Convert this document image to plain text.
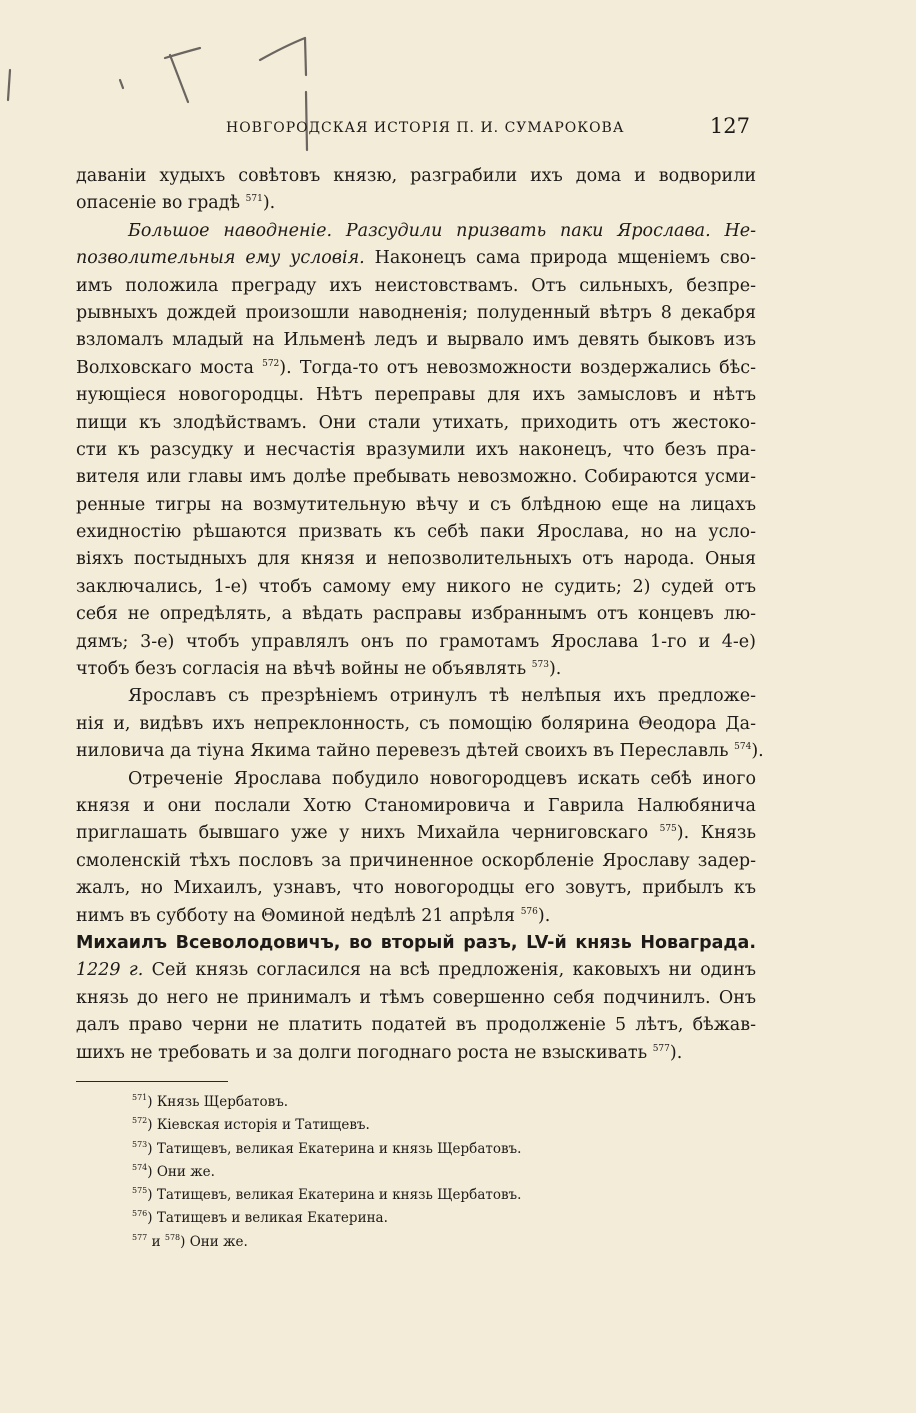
НОВГОРОДСКАЯ ИСТОРІЯ П. И. СУМАРОКОВА	127
даваніи худыхъ совѣтовъ князю, разграбили ихъ дома и водворили
опасеніе во градѣ $^{571}$).
Большое наводненіе. Разсудили призвать паки Ярослава. Не-
позволительныя ему условія. Наконецъ сама природа мщеніемъ сво-
имъ положила преграду ихъ неистовствамъ. Отъ сильныхъ, безпре-
рывныхъ дождей произошли наводненія; полуденный вѣтръ 8 декабря
взломалъ младый на Ильменѣ ледъ и вырвало имъ девять быковъ изъ
Волховскаго моста $^{572}$). Тогда-то отъ невозможности воздержались бѣс-
нующіеся новогородцы. Нѣтъ переправы для ихъ замысловъ и нѣтъ
пищи къ злодѣйствамъ. Они стали утихать, приходить отъ жестоко-
сти къ разсудку и несчастія вразумили ихъ наконецъ, что безъ пра-
вителя или главы имъ долѣе пребывать невозможно. Собираются усми-
ренные тигры на возмутительную вѣчу и съ блѣдною еще на лицахъ
ехидностію рѣшаются призвать къ себѣ паки Ярослава, но на усло-
віяхъ постыдныхъ для князя и непозволительныхъ отъ народа. Оныя
заключались, 1-е) чтобъ самому ему никого не судить; 2) судей отъ
себя не опредѣлять, а вѣдать расправы избраннымъ отъ концевъ лю-
дямъ; 3-е) чтобъ управлялъ онъ по грамотамъ Ярослава 1-го и 4-е)
чтобъ безъ согласія на вѣчѣ войны не объявлять $^{573}$).
Ярославъ съ презрѣніемъ отринулъ тѣ нелѣпыя ихъ предложе-
нія и, видѣвъ ихъ непреклонность, съ помощію болярина Θеодора Да-
ниловича да тіуна Якима тайно перевезъ дѣтей своихъ въ Переславль $^{574}$).
Отреченіе Ярослава побудило новогородцевъ искать себѣ иного
князя и они послали Хотю Станомировича и Гаврила Налюбянича
приглашать бывшаго уже у нихъ Михайла черниговскаго $^{575}$). Князь
смоленскій тѣхъ пословъ за причиненное оскорбленіе Ярославу задер-
жалъ, но Михаилъ, узнавъ, что новогородцы его зовутъ, прибылъ къ
нимъ въ субботу на Θоминой недѣлѣ 21 апрѣля $^{576}$).
Михаилъ Всеволодовичъ, во вторый разъ, LV-й князь Новаграда.
1229 г. Сей князь согласился на всѣ предложенія, каковыхъ ни одинъ
князь до него не принималъ и тѣмъ совершенно себя подчинилъ. Онъ
далъ право черни не платить податей въ продолженіе 5 лѣтъ, бѣжав-
шихъ не требовать и за долги погоднаго роста не взыскивать $^{577}$).
$^{571}$) Князь Щербатовъ.
$^{572}$) Кіевская исторія и Татищевъ.
$^{573}$) Татищевъ, великая Екатерина и князь Щербатовъ.
$^{574}$) Они же.
$^{575}$) Татищевъ, великая Екатерина и князь Щербатовъ.
$^{576}$) Татищевъ и великая Екатерина.
$^{577}$ и $^{578}$) Они же.
